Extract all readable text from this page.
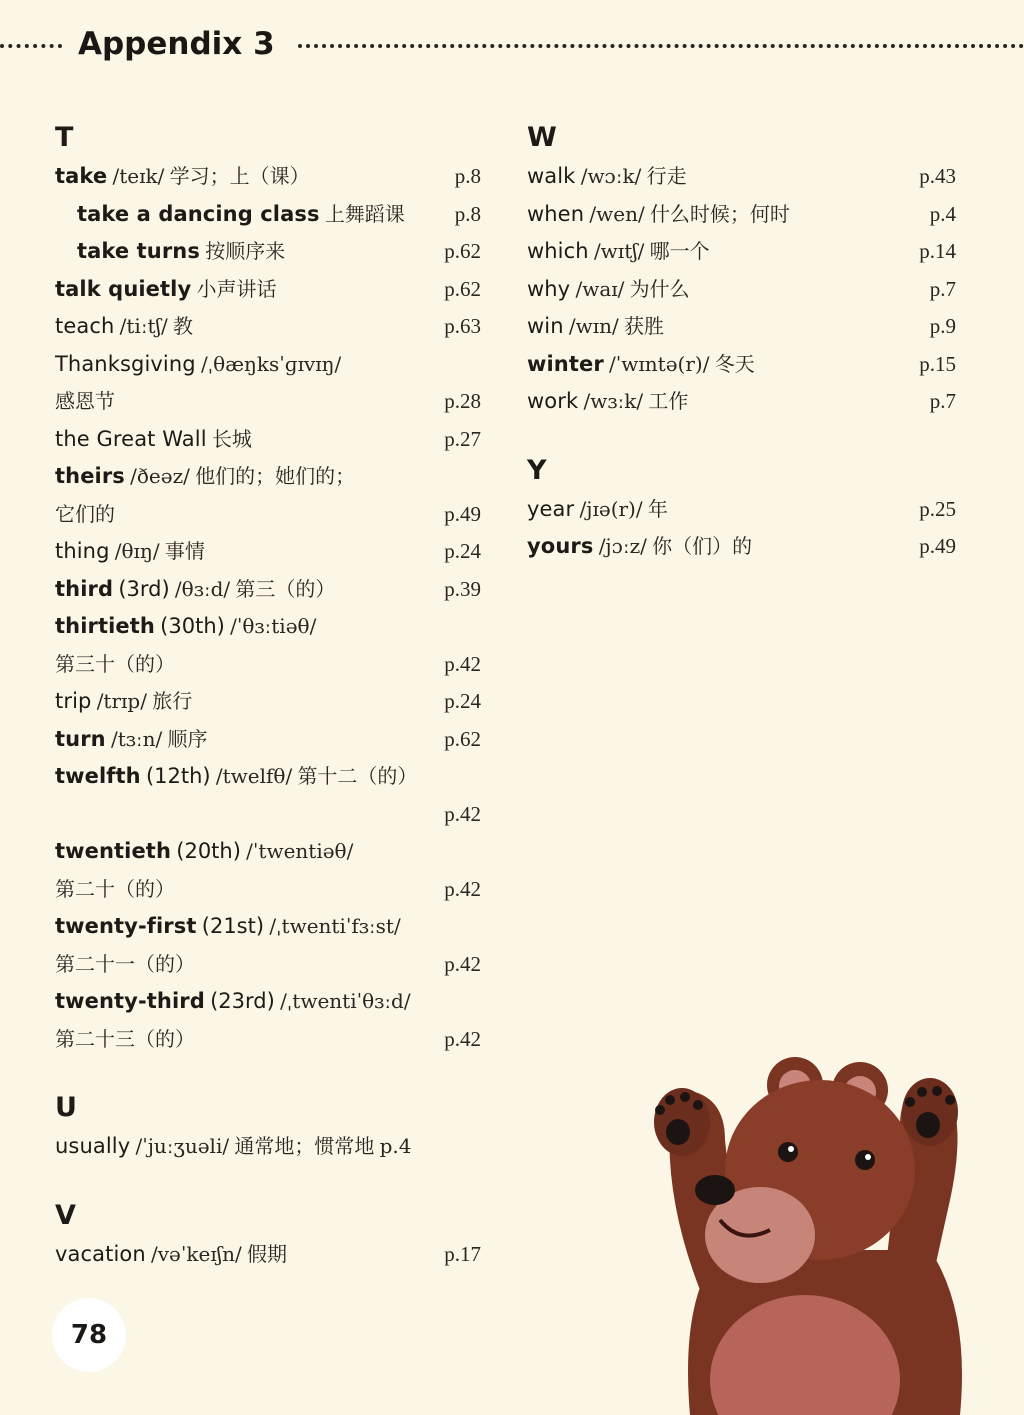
Appendix 3
T
take /teɪk/ 学习；上（课）	p.8
take a dancing class 上舞蹈课 p.8
take turns 按顺序来	p.62
talk quietly 小声讲话	p.62
teach /tiːtʃ/ 教	p.63
Thanksgiving /ˌθæŋksˈɡɪvɪŋ/
感恩节	p.28
the Great Wall 长城	p.27
theirs /ðeəz/ 他们的；她们的；
它们的	p.49
thing /θɪŋ/ 事情	p.24
third (3rd) /θɜːd/ 第三（的）	p.39
thirtieth (30th) /ˈθɜːtiəθ/
第三十（的）	p.42
trip /trɪp/ 旅行	p.24
turn /tɜːn/ 顺序	p.62
twelfth (12th) /twelfθ/ 第十二（的）
p.42
twentieth (20th) /ˈtwentiəθ/
第二十（的）	p.42
twenty-first (21st) /ˌtwentiˈfɜːst/
第二十一（的）	p.42
twenty-third (23rd) /ˌtwentiˈθɜːd/
第二十三（的）	p.42
U
usually /ˈjuːʒuəli/ 通常地；惯常地 p.4
V
vacation /vəˈkeɪʃn/ 假期	p.17
W
walk /wɔːk/ 行走	p.43
when /wen/ 什么时候；何时	p.4
which /wɪtʃ/ 哪一个	p.14
why /waɪ/ 为什么	p.7
win /wɪn/ 获胜	p.9
winter /ˈwɪntə(r)/ 冬天	p.15
work /wɜːk/ 工作	p.7
Y
year /jɪə(r)/ 年	p.25
yours /jɔːz/ 你（们）的	p.49
78
